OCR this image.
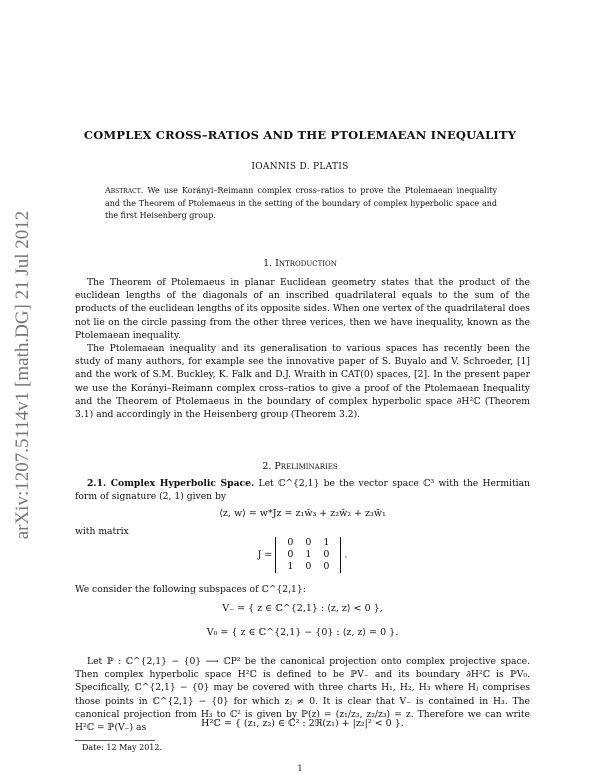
arXiv:1207.5114v1 [math.DG] 21 Jul 2012
COMPLEX CROSS–RATIOS AND THE PTOLEMAEAN INEQUALITY
IOANNIS D. PLATIS
Abstract. We use Korányi–Reimann complex cross–ratios to prove the Ptolemaean inequality and the Theorem of Ptolemaeus in the setting of the boundary of complex hyperbolic space and the first Heisenberg group.
1. Introduction

The Theorem of Ptolemaeus in planar Euclidean geometry states that the product of the euclidean lengths of the diagonals of an inscribed quadrilateral equals to the sum of the products of the euclidean lengths of its opposite sides. When one vertex of the quadrilateral does not lie on the circle passing from the other three verices, then we have inequality, known as the Ptolemaean inequality.

The Ptolemaean inequality and its generalisation to various spaces has recently been the study of many authors, for example see the innovative paper of S. Buyalo and V. Schroeder, [1] and the work of S.M. Buckley, K. Falk and D.J. Wraith in CAT(0) spaces, [2]. In the present paper we use the Korányi–Reimann complex cross–ratios to give a proof of the Ptolemaean Inequality and the Theorem of Ptolemaeus in the boundary of complex hyperbolic space ∂H²ℂ (Theorem 3.1) and accordingly in the Heisenberg group (Theorem 3.2).

2. Preliminaries

2.1. Complex Hyperbolic Space. Let ℂ^{2,1} be the vector space ℂ³ with the Hermitian form of signature (2, 1) given by

⟨z, w⟩ = w*Jz = z₁w̄₃ + z₂w̄₂ + z₃w̄₁

with matrix

J =
0 0 1
0 1 0
1 0 0
.

We consider the following subspaces of ℂ^{2,1}:

V₋ = { z ∈ ℂ^{2,1} : ⟨z, z⟩ < 0 },
V₀ = { z ∈ ℂ^{2,1} − {0} : ⟨z, z⟩ = 0 }.

Let ℙ : ℂ^{2,1} − {0} ⟶ ℂP² be the canonical projection onto complex projective space. Then complex hyperbolic space H²ℂ is defined to be ℙV₋ and its boundary ∂H²ℂ is ℙV₀. Specifically, ℂ^{2,1} − {0} may be covered with three charts H₁, H₂, H₃ where Hⱼ comprises those points in ℂ^{2,1} − {0} for which zⱼ ≠ 0. It is clear that V₋ is contained in H₃. The canonical projection from H₃ to ℂ² is given by ℙ(z) = (z₁/z₃, z₂/z₃) = z. Therefore we can write H²ℂ = ℙ(V₋) as	H²ℂ = { (z₁, z₂) ∈ ℂ² : 2ℜ(z₁) + |z₂|² < 0 }.
Date: 12 May 2012.
1
